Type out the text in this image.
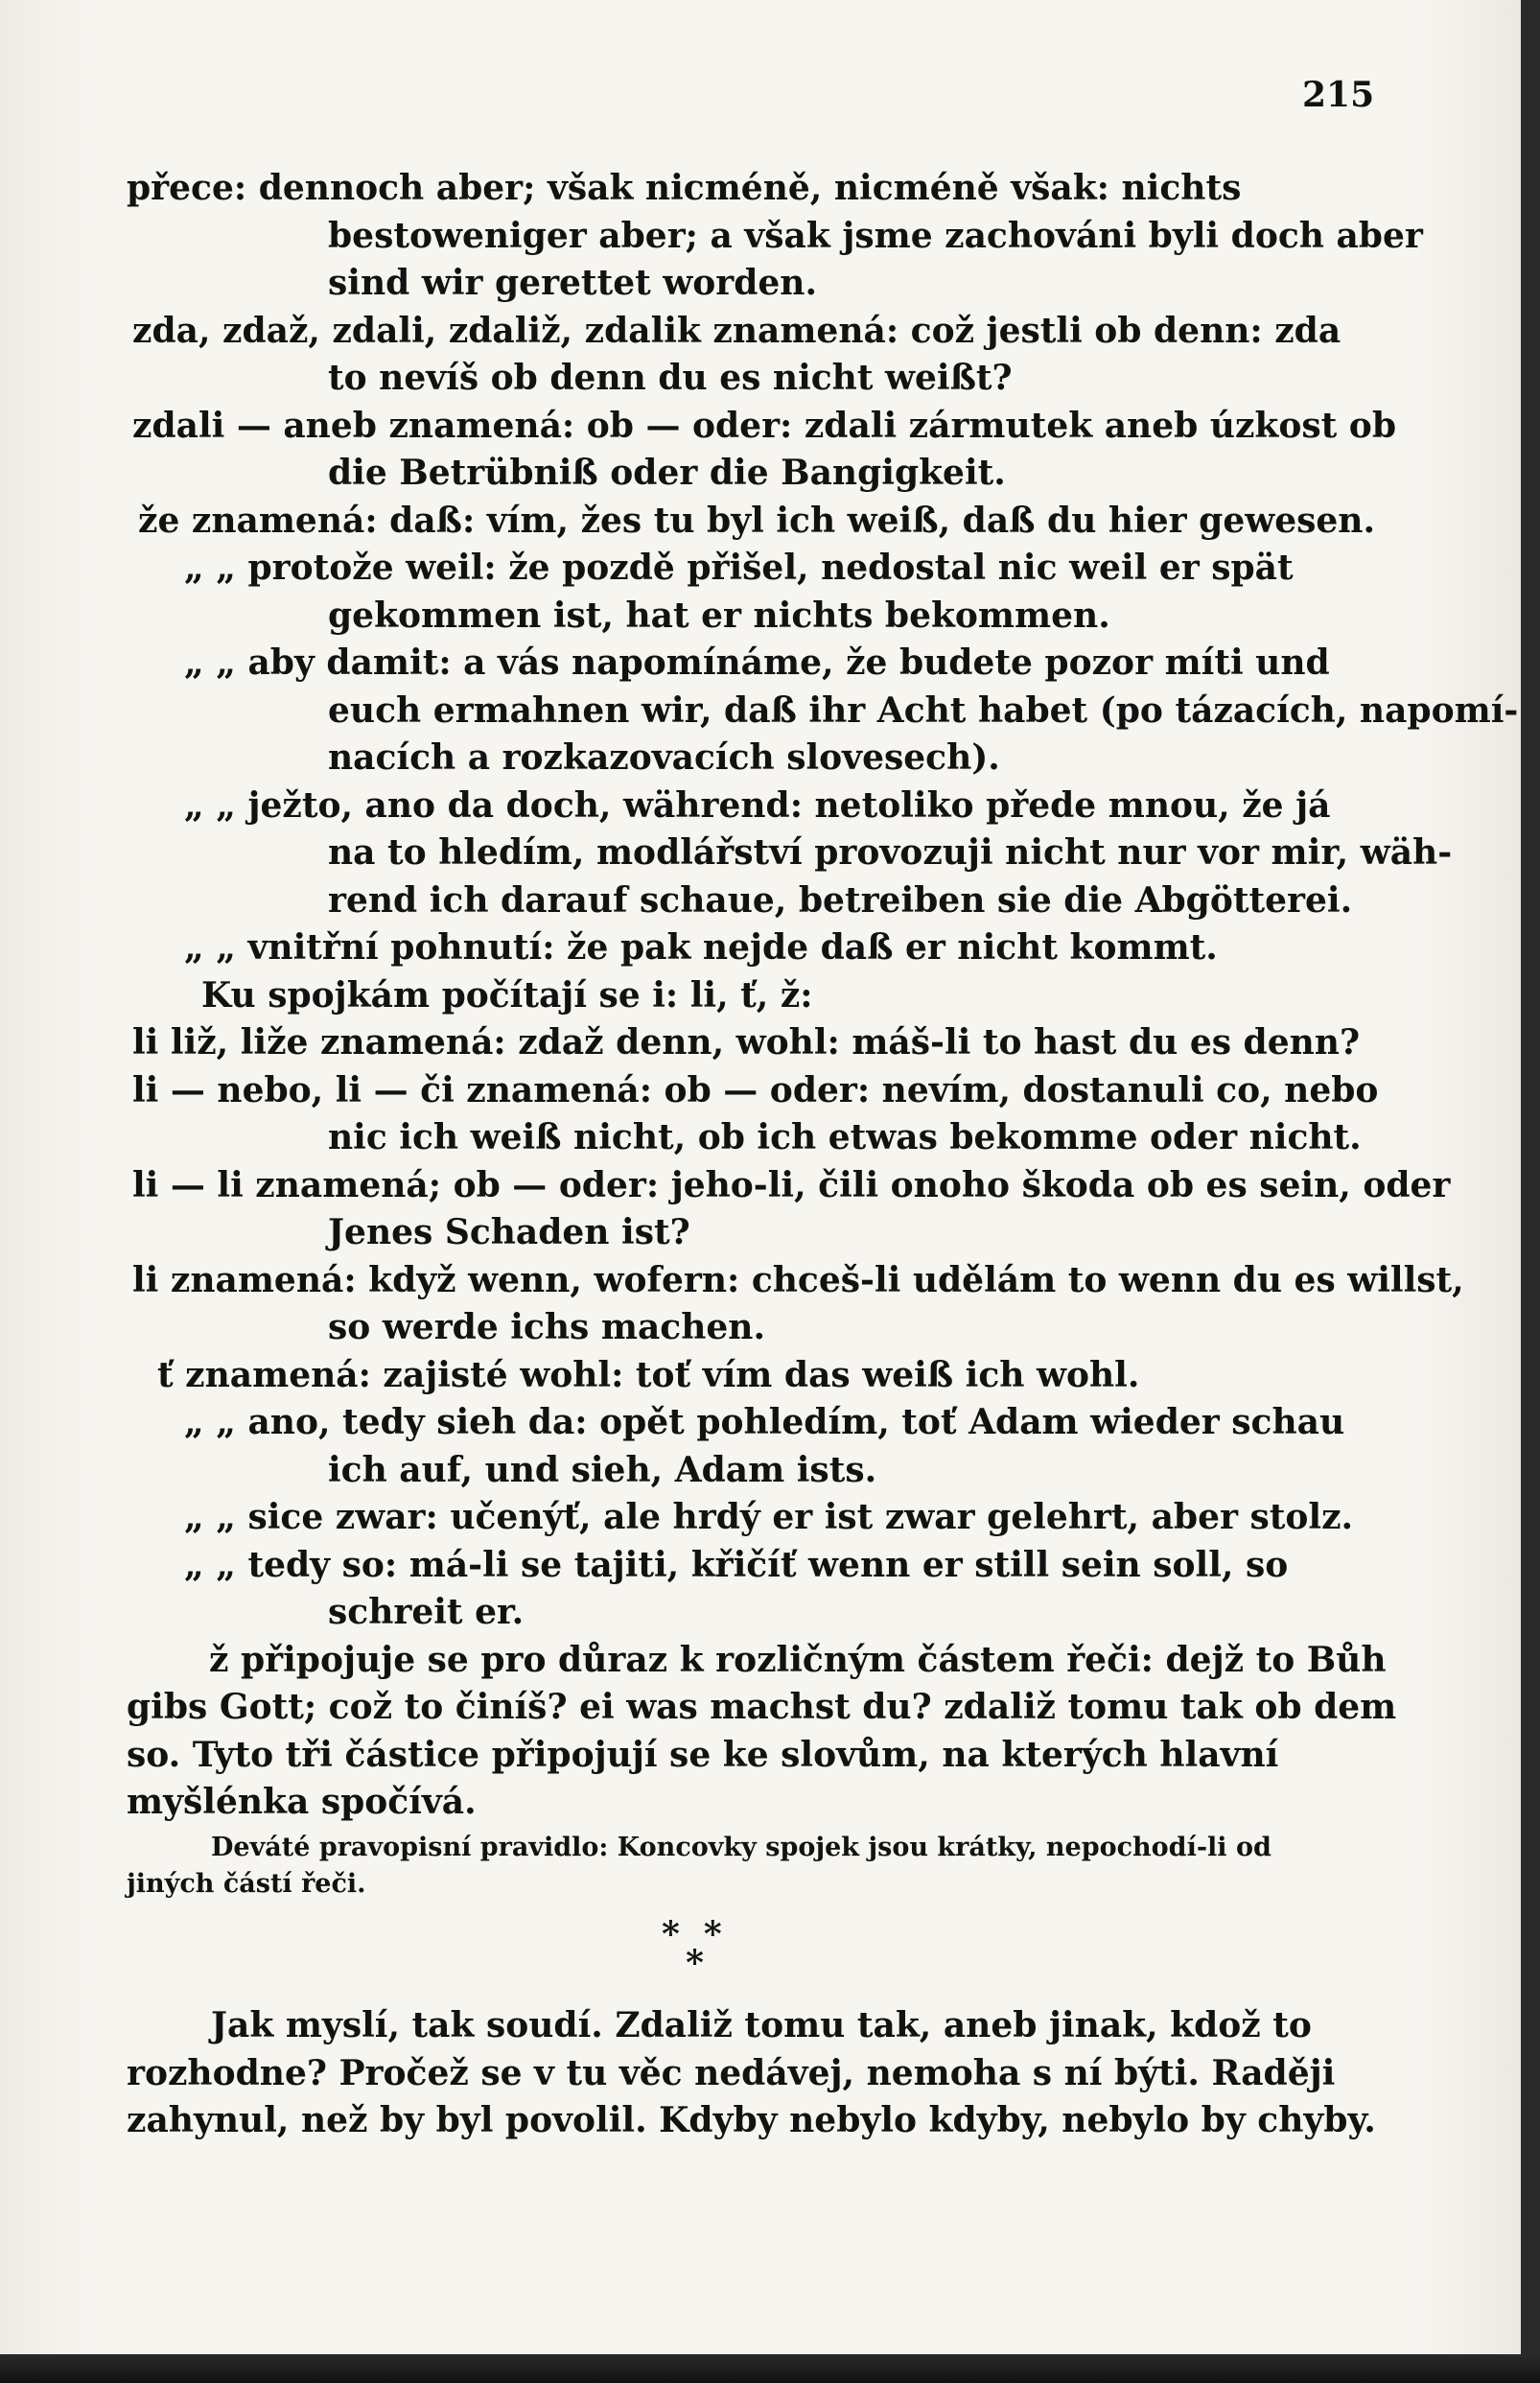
215
přece: dennoch aber; však nicméně, nicméně však: nichts
bestoweniger aber; a však jsme zachováni byli doch aber
sind wir gerettet worden.
zda, zdaž, zdali, zdaliž, zdalik znamená: což jestli ob denn: zda
to nevíš ob denn du es nicht weißt?
zdali — aneb znamená: ob — oder: zdali zármutek aneb úzkost ob
die Betrübniß oder die Bangigkeit.
že znamená: daß: vím, žes tu byl ich weiß, daß du hier gewesen.
„ „ protože weil: že pozdě přišel, nedostal nic weil er spät
gekommen ist, hat er nichts bekommen.
„ „ aby damit: a vás napomínáme, že budete pozor míti und
euch ermahnen wir, daß ihr Acht habet (po tázacích, napomí-
nacích a rozkazovacích slovesech).
„ „ ježto, ano da doch, während: netoliko přede mnou, že já
na to hledím, modlářství provozuji nicht nur vor mir, wäh-
rend ich darauf schaue, betreiben sie die Abgötterei.
„ „ vnitřní pohnutí: že pak nejde daß er nicht kommt.
Ku spojkám počítají se i: li, ť, ž:
li liž, liže znamená: zdaž denn, wohl: máš-li to hast du es denn?
li — nebo, li — či znamená: ob — oder: nevím, dostanuli co, nebo
nic ich weiß nicht, ob ich etwas bekomme oder nicht.
li — li znamená; ob — oder: jeho-li, čili onoho škoda ob es sein, oder
Jenes Schaden ist?
li znamená: když wenn, wofern: chceš-li udělám to wenn du es willst,
so werde ichs machen.
ť znamená: zajisté wohl: toť vím das weiß ich wohl.
„ „ ano, tedy sieh da: opět pohledím, toť Adam wieder schau
ich auf, und sieh, Adam ists.
„ „ sice zwar: učenýť, ale hrdý er ist zwar gelehrt, aber stolz.
„ „ tedy so: má-li se tajiti, křičíť wenn er still sein soll, so
schreit er.
ž připojuje se pro důraz k rozličným částem řeči: dejž to Bůh
gibs Gott; což to činíš? ei was machst du? zdaliž tomu tak ob dem
so. Tyto tři částice připojují se ke slovům, na kterých hlavní
myšlénka spočívá.
Deváté pravopisní pravidlo: Koncovky spojek jsou krátky, nepochodí-li od
jiných částí řeči.
*  *
*
Jak myslí, tak soudí. Zdaliž tomu tak, aneb jinak, kdož to
rozhodne? Pročež se v tu věc nedávej, nemoha s ní býti. Raději
zahynul, než by byl povolil. Kdyby nebylo kdyby, nebylo by chyby.
